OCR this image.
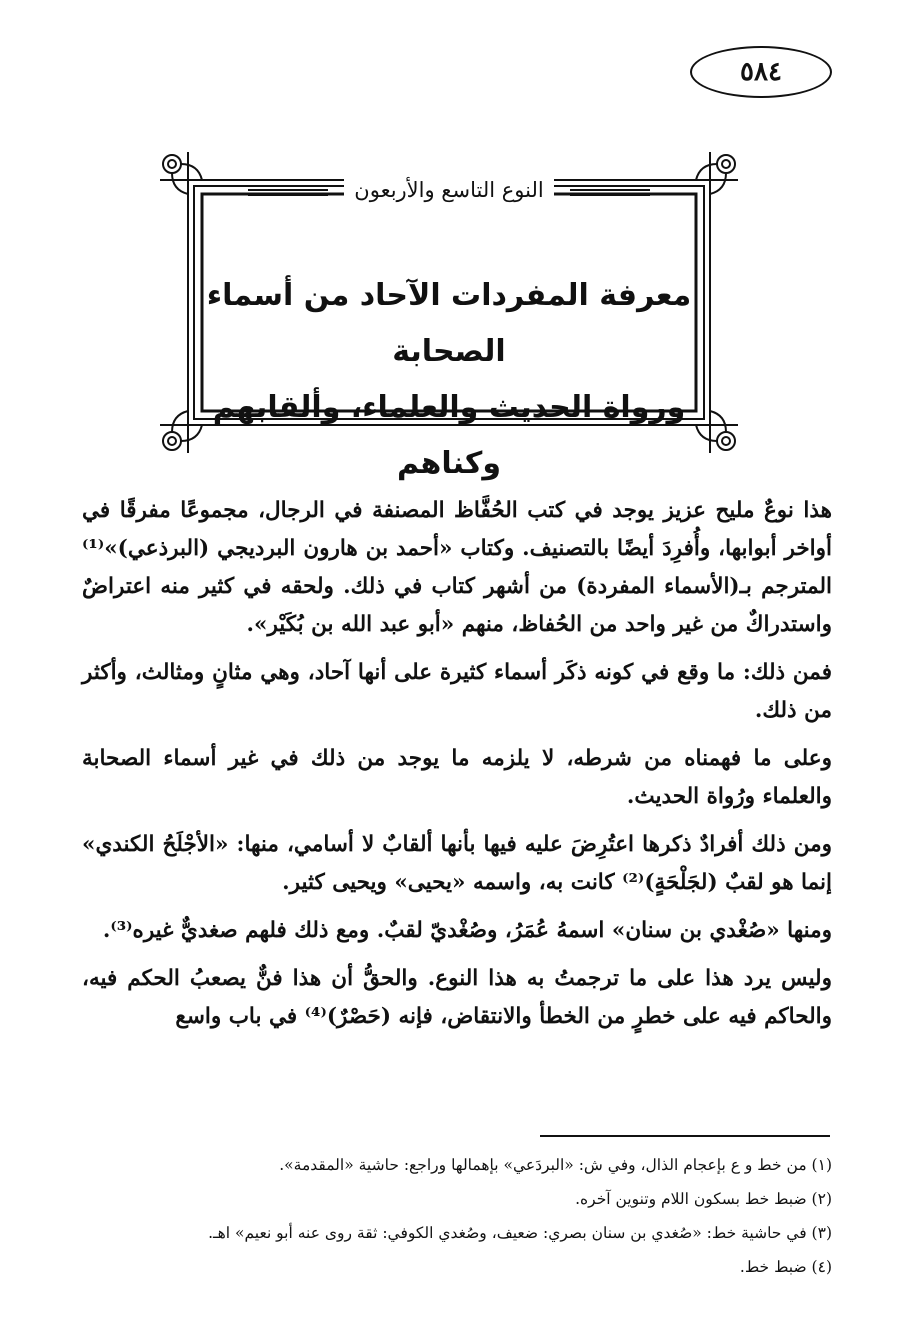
٥٨٤
النوع التاسع والأربعون
معرفة المفردات الآحاد من أسماء الصحابة
ورواة الحديث والعلماء، وألقابهم وكناهم

هذا نوعٌ مليح عزيز يوجد في كتب الحُفَّاظ المصنفة في الرجال، مجموعًا مفرقًا في أواخر أبوابها، وأُفرِدَ أيضًا بالتصنيف. وكتاب «أحمد بن هارون البرديجي (البرذعي)»⁽¹⁾ المترجم بـ(الأسماء المفردة) من أشهر كتاب في ذلك. ولحقه في كثير منه اعتراضٌ واستدراكٌ من غير واحد من الحُفاظ، منهم «أبو عبد الله بن بُكَيْر».

فمن ذلك: ما وقع في كونه ذكَر أسماء كثيرة على أنها آحاد، وهي مثانٍ ومثالث، وأكثر من ذلك.

وعلى ما فهمناه من شرطه، لا يلزمه ما يوجد من ذلك في غير أسماء الصحابة والعلماء ورُواة الحديث.

ومن ذلك أفرادٌ ذكرها اعتُرِضَ عليه فيها بأنها ألقابٌ لا أسامي، منها: «الأجْلَحُ الكندي» إنما هو لقبٌ (لجَلْحَةٍ)⁽²⁾ كانت به، واسمه «يحيى» ويحيى كثير.

ومنها «صُغْدي بن سنان» اسمهُ عُمَرُ، وصُغْديّ لقبٌ. ومع ذلك فلهم صغديٌّ غيره⁽³⁾.

وليس يرد هذا على ما ترجمتُ به هذا النوع. والحقُّ أن هذا فنٌّ يصعبُ الحكم فيه، والحاكم فيه على خطرٍ من الخطأ والانتقاض، فإنه (حَصْرٌ)⁽⁴⁾ في باب واسع

(١) من خط و ع بإعجام الذال، وفي ش: «البردَعي» بإهمالها وراجع: حاشية «المقدمة».
(٢) ضبط خط بسكون اللام وتنوين آخره.
(٣) في حاشية خط: «صُغدي بن سنان بصري: ضعيف، وصُغدي الكوفي: ثقة روى عنه أبو نعيم» اهـ.
(٤) ضبط خط.
